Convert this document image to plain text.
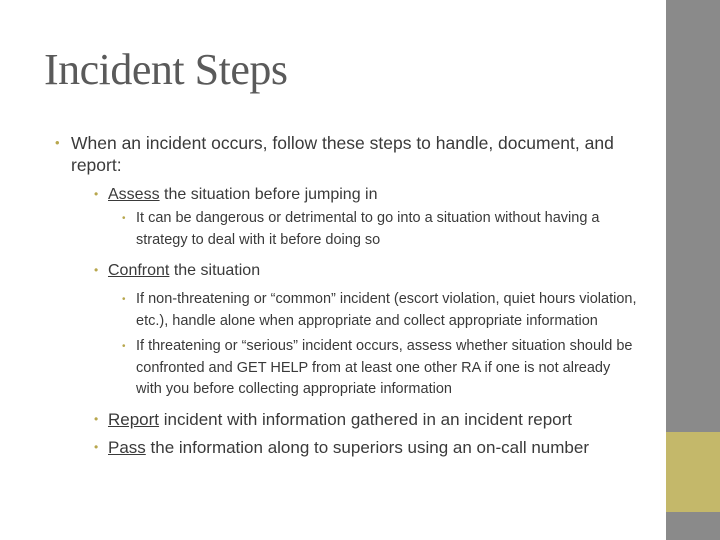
Incident Steps
• When an incident occurs, follow these steps to handle, document, and report:
• Assess the situation before jumping in
• It can be dangerous or detrimental to go into a situation without having a strategy to deal with it before doing so
• Confront the situation
• If non-threatening or “common” incident (escort violation, quiet hours violation, etc.), handle alone when appropriate and collect appropriate information
• If threatening or “serious” incident occurs, assess whether situation should be confronted and GET HELP from at least one other RA if one is not already with you before collecting appropriate information
• Report incident with information gathered in an incident report
• Pass the information along to superiors using an on-call number
